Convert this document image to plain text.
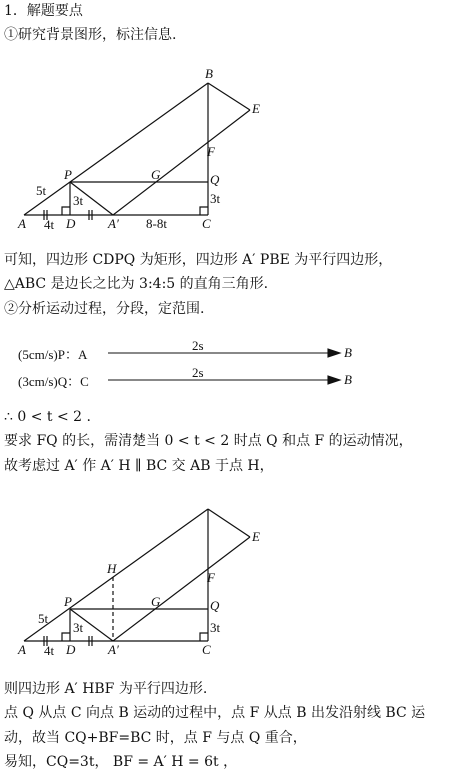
1．解题要点
①研究背景图形，标注信息.
B
E
F
P	G	Q
5t
3t	3t
A 4t D	A′ 8-8t	C
可知，四边形 CDPQ 为矩形，四边形 A′ PBE 为平行四边形，
△ABC 是边长之比为 3:4:5 的直角三角形.
②分析运动过程，分段，定范围.
(5cm/s)P：A
(3cm/s)Q：C
2s
2s
B
B
∴ 0 < t < 2 .
要求 FQ 的长，需清楚当 0 < t < 2 时点 Q 和点 F 的运动情况，
故考虑过 A′ 作 A′ H ∥ BC 交 AB 于点 H，
E
H
F
P	G	Q
5t
3t	3t
A 4t D	A′	C
则四边形 A′ HBF 为平行四边形.
点 Q 从点 C 向点 B 运动的过程中，点 F 从点 B 出发沿射线 BC 运
动，故当 CQ+BF=BC 时，点 F 与点 Q 重合，
易知，CQ=3t， BF = A′ H = 6t ，
